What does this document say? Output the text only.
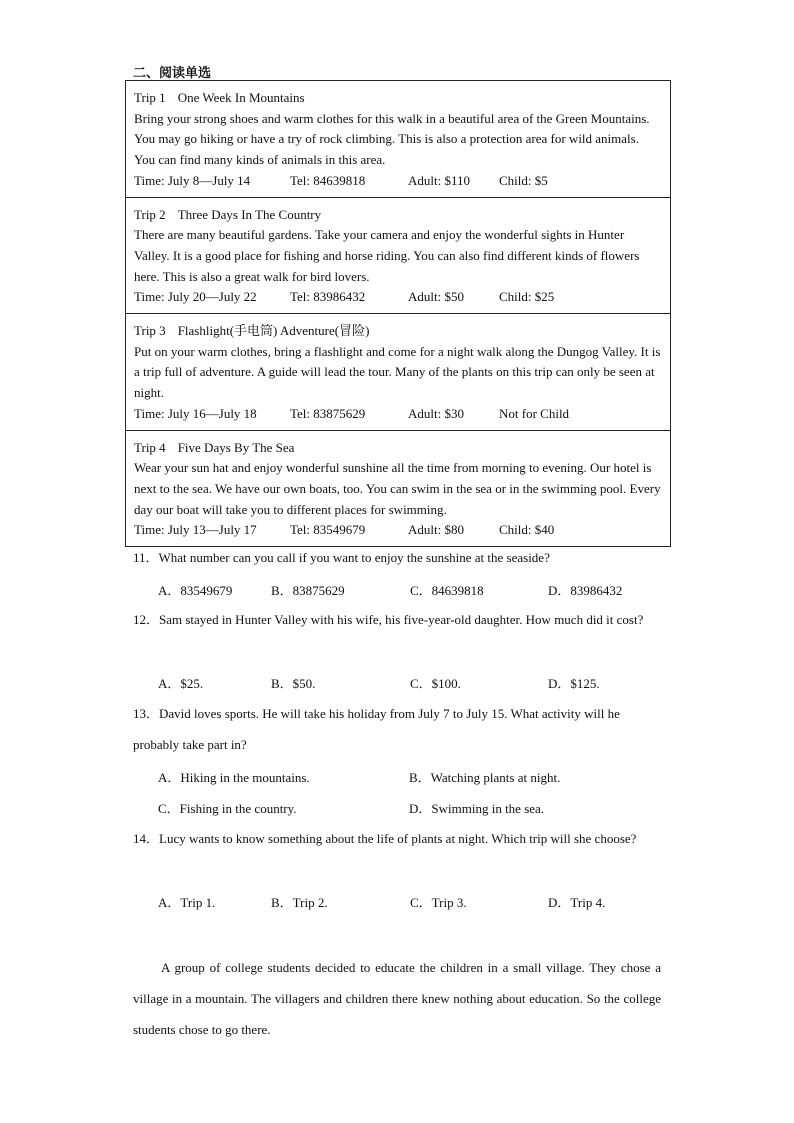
二、阅读单选
Trip 1 One Week In Mountains
Bring your strong shoes and warm clothes for this walk in a beautiful area of the Green Mountains. You may go hiking or have a try of rock climbing. This is also a protection area for wild animals. You can find many kinds of animals in this area.
Time: July 8—July 14	Tel: 84639818	Adult: $110 Child: $5
Trip 2 Three Days In The Country
There are many beautiful gardens. Take your camera and enjoy the wonderful sights in Hunter Valley. It is a good place for fishing and horse riding. You can also find different kinds of flowers here. This is also a great walk for bird lovers.
Time: July 20—July 22	Tel: 83986432	Adult: $50	Child: $25
Trip 3 Flashlight(手电筒) Adventure(冒险)
Put on your warm clothes, bring a flashlight and come for a night walk along the Dungog Valley. It is a trip full of adventure. A guide will lead the tour. Many of the plants on this trip can only be seen at night.
Time: July 16—July 18	Tel: 83875629	Adult: $30	Not for Child
Trip 4 Five Days By The Sea
Wear your sun hat and enjoy wonderful sunshine all the time from morning to evening. Our hotel is next to the sea. We have our own boats, too. You can swim in the sea or in the swimming pool. Every day our boat will take you to different places for swimming.
Time: July 13—July 17	Tel: 83549679	Adult: $80	Child: $40
11．What number can you call if you want to enjoy the sunshine at the seaside?
A．83549679	B．83875629	C．84639818	D．83986432
12．Sam stayed in Hunter Valley with his wife, his five-year-old daughter. How much did it cost?
A．$25.	B．$50.	C．$100.	D．$125.
13．David loves sports. He will take his holiday from July 7 to July 15. What activity will he probably take part in?
A．Hiking in the mountains.	B．Watching plants at night.
C．Fishing in the country.	D．Swimming in the sea.
14．Lucy wants to know something about the life of plants at night. Which trip will she choose?
A．Trip 1.	B．Trip 2.	C．Trip 3.	D．Trip 4.

A group of college students decided to educate the children in a small village. They chose a village in a mountain. The villagers and children there knew nothing about education. So the college students chose to go there.
